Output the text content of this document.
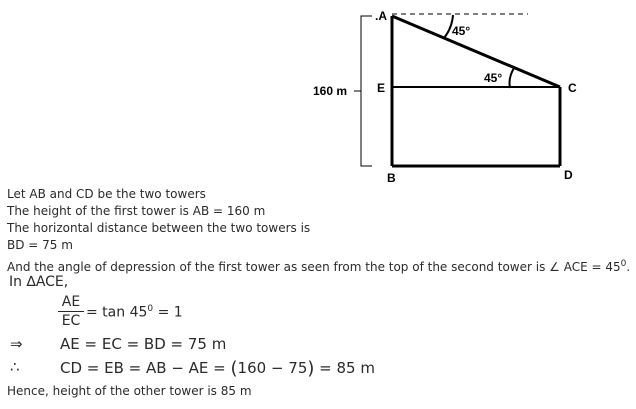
.A
E
B
C
D
160 m
45°
45°
Let AB and CD be the two towers
The height of the first tower is AB = 160 m
The horizontal distance between the two towers is
BD = 75 m
And the angle of depression of the first tower as seen from the top of the second tower is ∠ ACE = $45^0$.
In ∆ACE,
$\frac{AE}{EC} = \tan 45^0 = 1$
⇒ AE = EC = BD = 75 m
∴	CD = EB = AB − AE = (160 − 75) = 85 m
Hence, height of the other tower is 85 m
